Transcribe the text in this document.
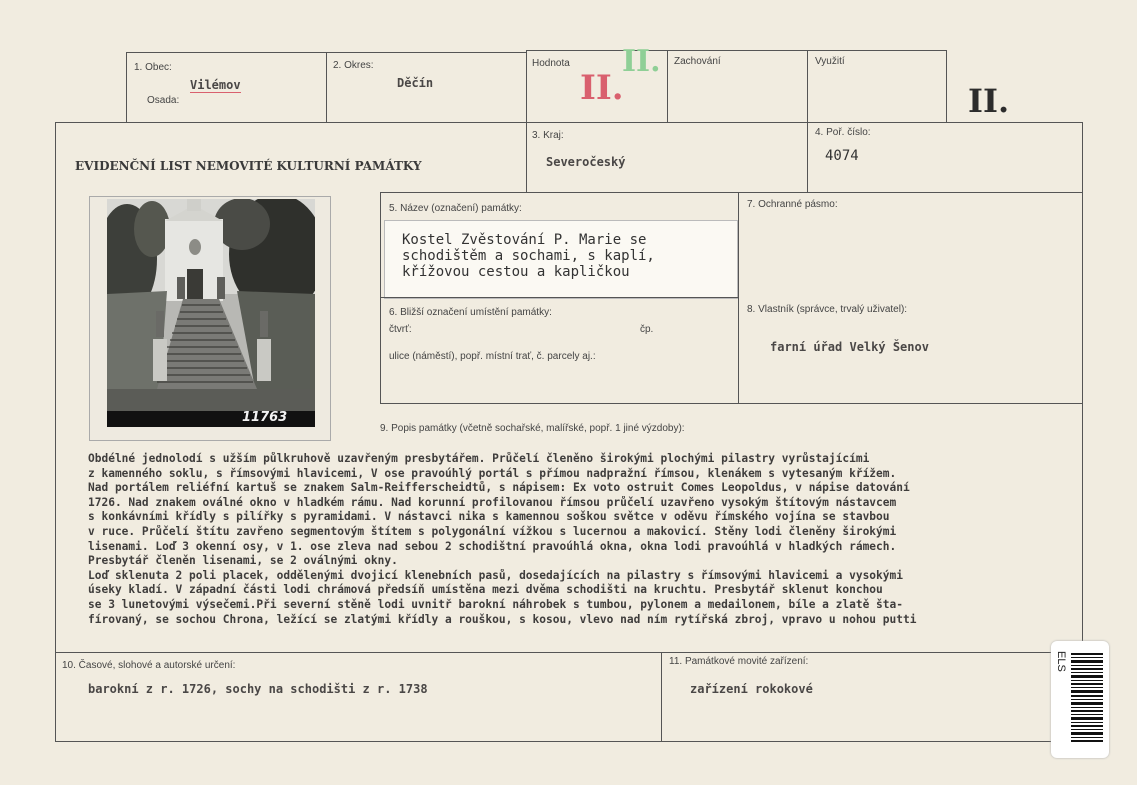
1. Obec:
Vilémov
Osada:
2. Okres:
Děčín
Hodnota
II.
II. Zachování	Využití
II.
EVIDENČNÍ LIST NEMOVITÉ KULTURNÍ PAMÁTKY
3. Kraj:
Severočeský
4. Poř. číslo:
4074
11763
5. Název (označení) památky:
Kostel Zvěstování P. Marie se
schodištěm a sochami, s kaplí,
křížovou cestou a kapličkou
7. Ochranné pásmo:
6. Bližší označení umístění památky:
čtvrť:	čp.
ulice (náměstí), popř. místní trať, č. parcely aj.:
8. Vlastník (správce, trvalý uživatel):
farní úřad Velký Šenov
9. Popis památky (včetně sochařské, malířské, popř. 1 jiné výzdoby):
Obdélné jednolodí s užším půlkruhově uzavřeným presbytářem. Průčelí členěno širokými plochými pilastry vyrůstajícími
z kamenného soklu, s římsovými hlavicemi, V ose pravoúhlý portál s přímou nadpražní římsou, klenákem s vytesaným křížem.
Nad portálem reliéfní kartuš se znakem Salm-Reifferscheidtů, s nápisem: Ex voto ostruit Comes Leopoldus, v nápise datování
1726. Nad znakem oválné okno v hladkém rámu. Nad korunní profilovanou římsou průčelí uzavřeno vysokým štítovým nástavcem
s konkávními křídly s pilířky s pyramidami. V nástavci nika s kamennou soškou světce v oděvu římského vojína se stavbou
v ruce. Průčelí štítu zavřeno segmentovým štítem s polygonální vížkou s lucernou a makovicí. Stěny lodi členěny širokými
lisenami. Loď 3 okenní osy, v 1. ose zleva nad sebou 2 schodištní pravoúhlá okna, okna lodi pravoúhlá v hladkých rámech.
Presbytář členěn lisenami, se 2 oválnými okny.
Loď sklenuta 2 poli placek, oddělenými dvojicí klenebních pasů, dosedajících na pilastry s římsovými hlavicemi a vysokými
úseky kladí. V západní části lodi chrámová předsíň umístěna mezi dvěma schodišti na kruchtu. Presbytář sklenut konchou
se 3 lunetovými výsečemi.Při severní stěně lodi uvnitř barokní náhrobek s tumbou, pylonem a medailonem, bíle a zlatě šta-
fírovaný, se sochou Chrona, ležící se zlatými křídly a rouškou, s kosou, vlevo nad ním rytířská zbroj, vpravo u nohou putti
10. Časové, slohové a autorské určení:
barokní z r. 1726, sochy na schodišti z r. 1738
11. Památkové movité zařízení:
zařízení rokokové
ELS
